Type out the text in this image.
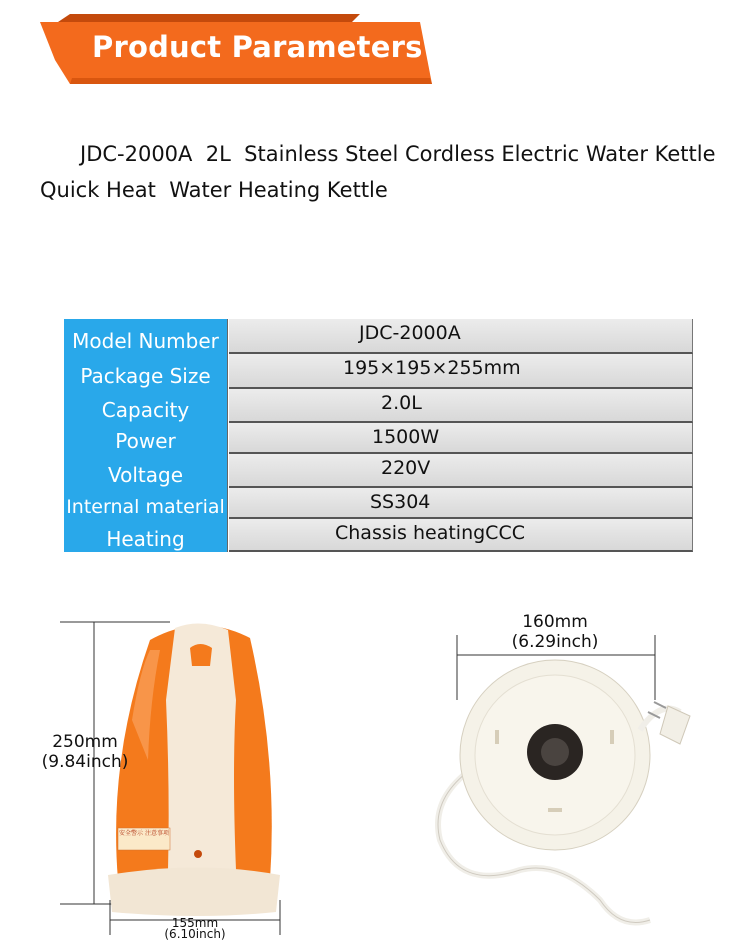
Product Parameters
JDC-2000A  2L  Stainless Steel Cordless Electric Water Kettle
Quick Heat  Water Heating Kettle
Model Number	JDC-2000A
Package Size	195×195×255mm
Capacity	2.0L
Power	1500W
Voltage	220V
Internal material	SS304
Heating	Chassis heatingCCC
250mm
(9.84inch)
155mm
(6.10inch)
安全警示 注意事项
160mm
(6.29inch)
